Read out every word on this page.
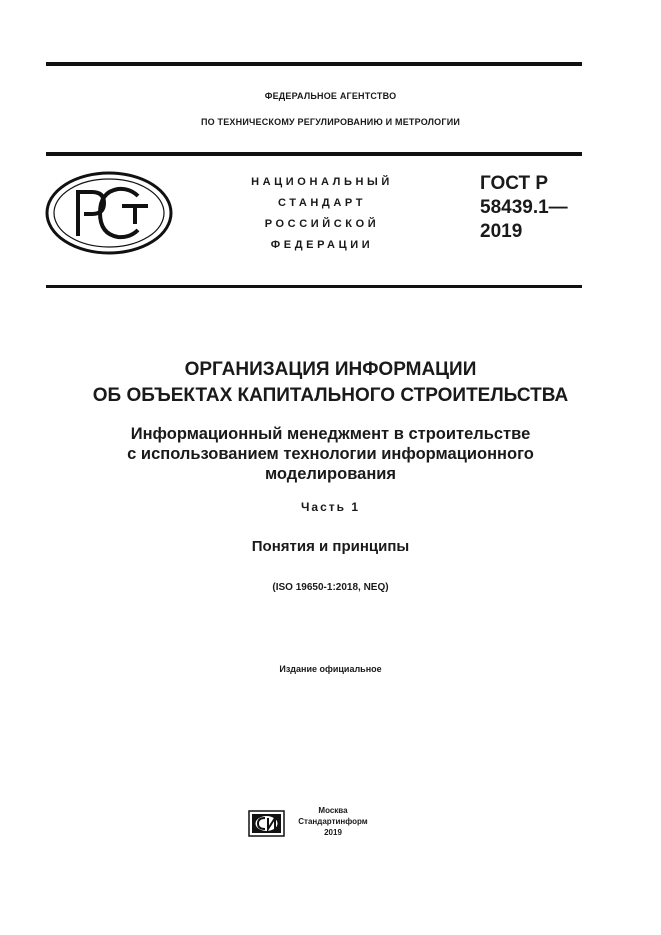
ФЕДЕРАЛЬНОЕ АГЕНТСТВО
ПО ТЕХНИЧЕСКОМУ РЕГУЛИРОВАНИЮ И МЕТРОЛОГИИ
НАЦИОНАЛЬНЫЙ
СТАНДАРТ
РОССИЙСКОЙ
ФЕДЕРАЦИИ
ГОСТ Р
58439.1—
2019
ОРГАНИЗАЦИЯ ИНФОРМАЦИИ
ОБ ОБЪЕКТАХ КАПИТАЛЬНОГО СТРОИТЕЛЬСТВА
Информационный менеджмент в строительстве
с использованием технологии информационного
моделирования
Часть 1
Понятия и принципы
(ISO 19650-1:2018, NEQ)
Издание официальное
Москва
Стандартинформ
2019
